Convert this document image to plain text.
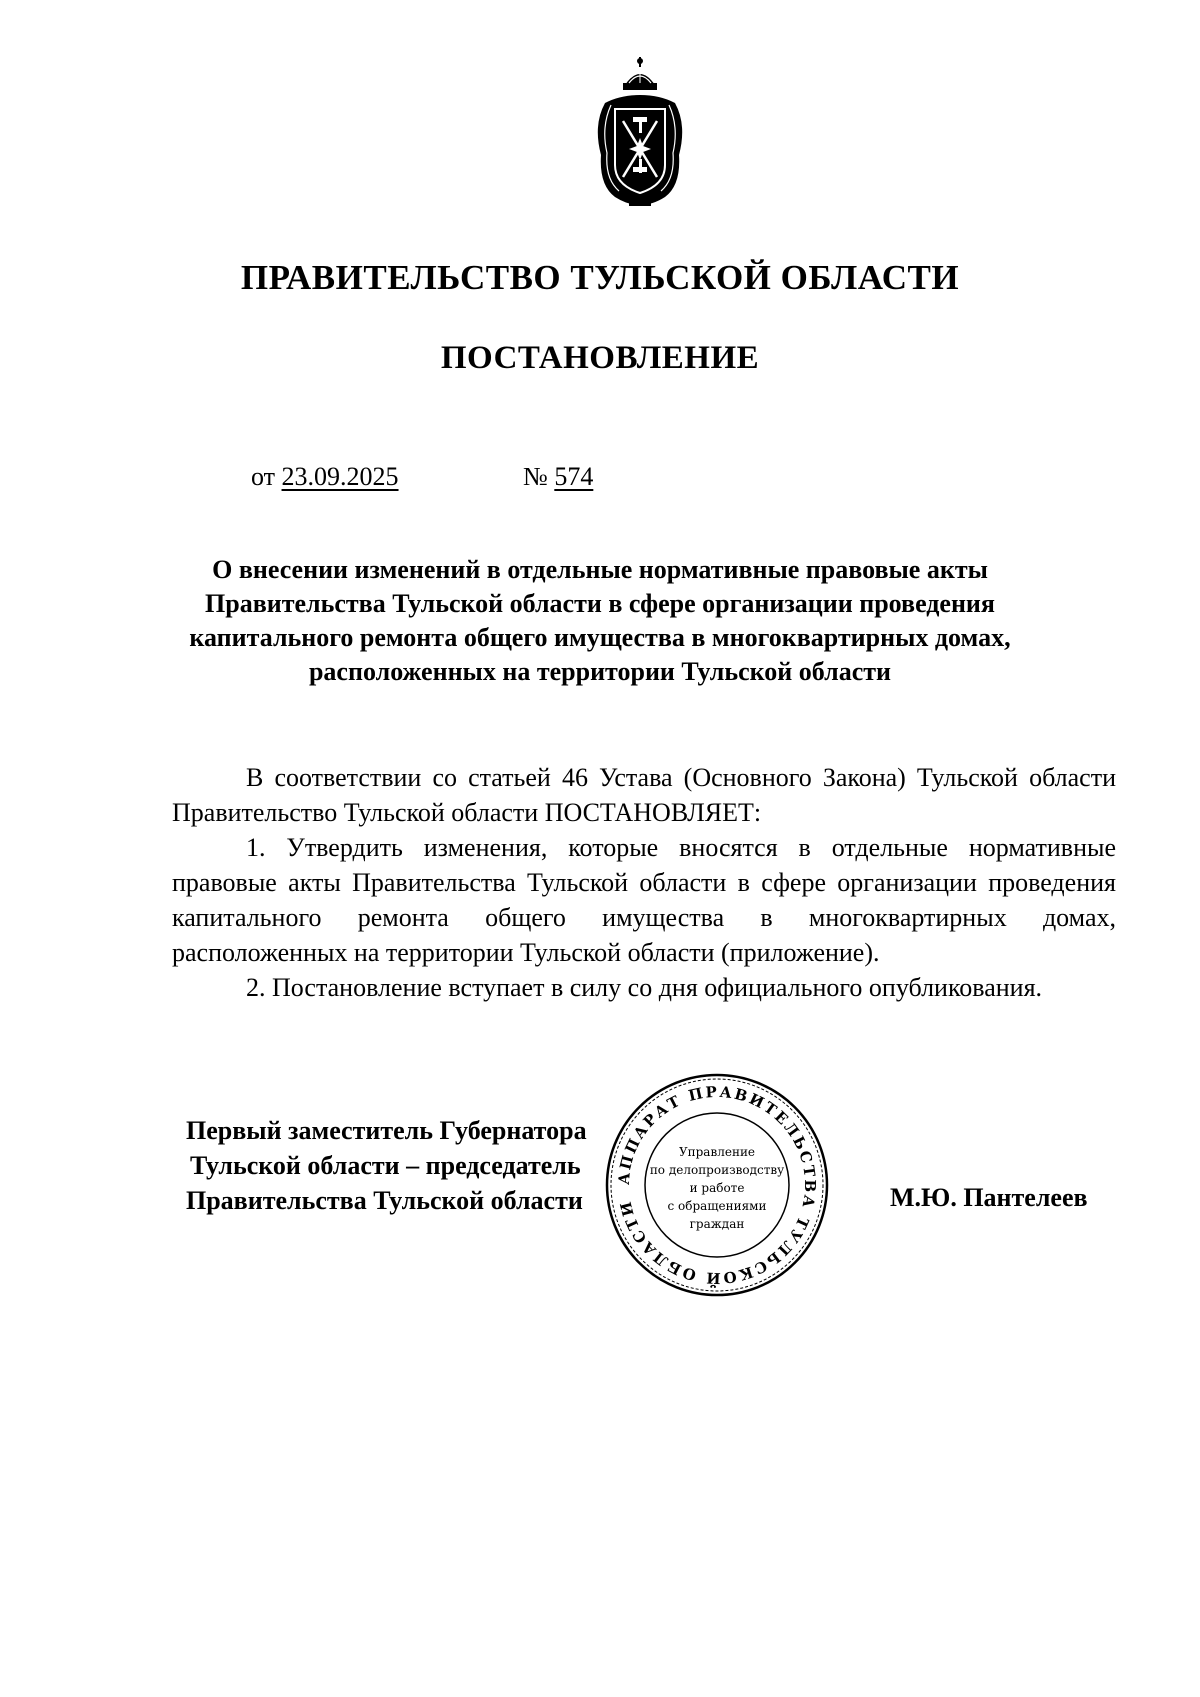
ПРАВИТЕЛЬСТВО ТУЛЬСКОЙ ОБЛАСТИ
ПОСТАНОВЛЕНИЕ
от 23.09.2025	№ 574
О внесении изменений в отдельные нормативные правовые акты
Правительства Тульской области в сфере организации проведения
капитального ремонта общего имущества в многоквартирных домах,
расположенных на территории Тульской области

В соответствии со статьей 46 Устава (Основного Закона) Тульской области Правительство Тульской области ПОСТАНОВЛЯЕТ:

1. Утвердить изменения, которые вносятся в отдельные нормативные правовые акты Правительства Тульской области в сфере организации проведения капитального ремонта общего имущества в многоквартирных домах, расположенных на территории Тульской области (приложение).

2. Постановление вступает в силу со дня официального опубликования.

Первый заместитель Губернатора
Тульской области – председатель
Правительства Тульской области	М.Ю. Пантелеев
АППАРАТ ПРАВИТЕЛЬСТВА ТУЛЬСКОЙ ОБЛАСТИ
Управление
по делопроизводству
и работе
с обращениями
граждан
